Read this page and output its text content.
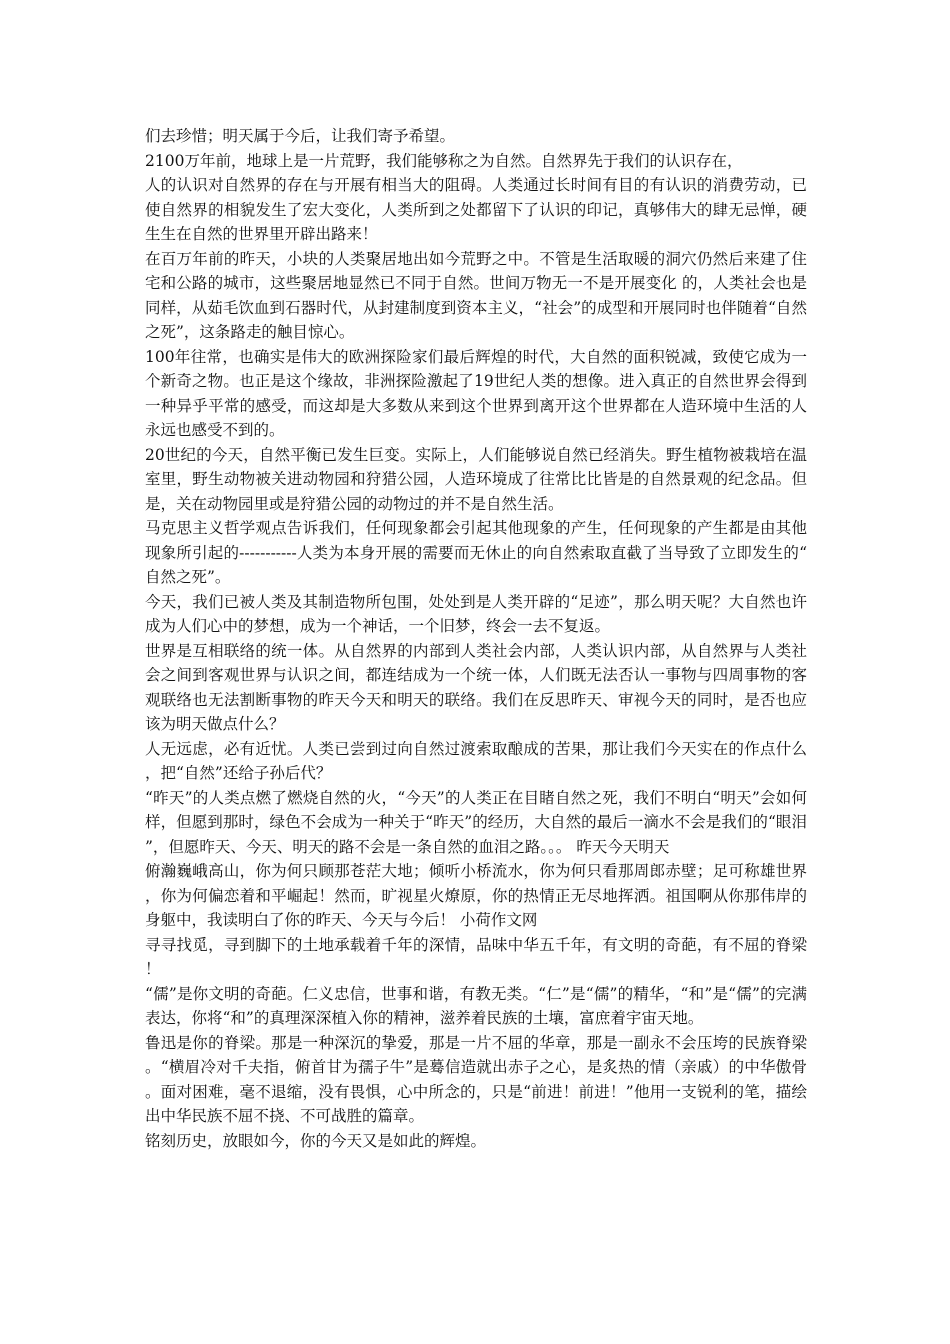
们去珍惜；明天属于今后，让我们寄予希望。

2100万年前，地球上是一片荒野，我们能够称之为自然。自然界先于我们的认识存在，

人的认识对自然界的存在与开展有相当大的阻碍。人类通过长时间有目的有认识的消费劳动，已使自然界的相貌发生了宏大变化，人类所到之处都留下了认识的印记，真够伟大的肆无忌惮，硬生生在自然的世界里开辟出路来！

在百万年前的昨天，小块的人类聚居地出如今荒野之中。不管是生活取暖的洞穴仍然后来建了住宅和公路的城市，这些聚居地显然已不同于自然。世间万物无一不是开展变化 的，人类社会也是同样，从茹毛饮血到石器时代，从封建制度到资本主义，“社会”的成型和开展同时也伴随着“自然之死”，这条路走的触目惊心。

100年往常，也确实是伟大的欧洲探险家们最后辉煌的时代，大自然的面积锐减，致使它成为一个新奇之物。也正是这个缘故，非洲探险激起了19世纪人类的想像。进入真正的自然世界会得到一种异乎平常的感受，而这却是大多数从来到这个世界到离开这个世界都在人造环境中生活的人永远也感受不到的。

20世纪的今天，自然平衡已发生巨变。实际上，人们能够说自然已经消失。野生植物被栽培在温室里，野生动物被关进动物园和狩猎公园，人造环境成了往常比比皆是的自然景观的纪念品。但是，关在动物园里或是狩猎公园的动物过的并不是自然生活。

马克思主义哲学观点告诉我们，任何现象都会引起其他现象的产生，任何现象的产生都是由其他现象所引起的-----------人类为本身开展的需要而无休止的向自然索取直截了当导致了立即发生的“自然之死”。

今天，我们已被人类及其制造物所包围，处处到是人类开辟的“足迹”，那么明天呢？大自然也许成为人们心中的梦想，成为一个神话，一个旧梦，终会一去不复返。

世界是互相联络的统一体。从自然界的内部到人类社会内部，人类认识内部，从自然界与人类社会之间到客观世界与认识之间，都连结成为一个统一体，人们既无法否认一事物与四周事物的客观联络也无法割断事物的昨天今天和明天的联络。我们在反思昨天、审视今天的同时，是否也应该为明天做点什么？

人无远虑，必有近忧。人类已尝到过向自然过渡索取酿成的苦果，那让我们今天实在的作点什么，把“自然”还给子孙后代？

“昨天”的人类点燃了燃烧自然的火，“今天”的人类正在目睹自然之死，我们不明白“明天”会如何样，但愿到那时，绿色不会成为一种关于“昨天”的经历，大自然的最后一滴水不会是我们的“眼泪”，但愿昨天、今天、明天的路不会是一条自然的血泪之路。。。 昨天今天明天

俯瀚巍峨高山，你为何只顾那苍茫大地；倾听小桥流水，你为何只看那周郎赤壁；足可称雄世界，你为何偏恋着和平崛起！然而，旷视星火燎原，你的热情正无尽地挥洒。祖国啊从你那伟岸的身躯中，我读明白了你的昨天、今天与今后！ 小荷作文网

寻寻找觅，寻到脚下的土地承载着千年的深情，品味中华五千年，有文明的奇葩，有不屈的脊梁！

“儒”是你文明的奇葩。仁义忠信，世事和谐，有教无类。“仁”是“儒”的精华，“和”是“儒”的完满表达，你将“和”的真理深深植入你的精神，滋养着民族的土壤，富庶着宇宙天地。

鲁迅是你的脊梁。那是一种深沉的挚爱，那是一片不屈的华章，那是一副永不会压垮的民族脊梁。“横眉冷对千夫指，俯首甘为孺子牛”是蓦信造就出赤子之心，是炙热的情（亲戚）的中华傲骨。面对困难，毫不退缩，没有畏惧，心中所念的，只是“前进！前进！”他用一支锐利的笔，描绘出中华民族不屈不挠、不可战胜的篇章。

铭刻历史，放眼如今，你的今天又是如此的辉煌。
